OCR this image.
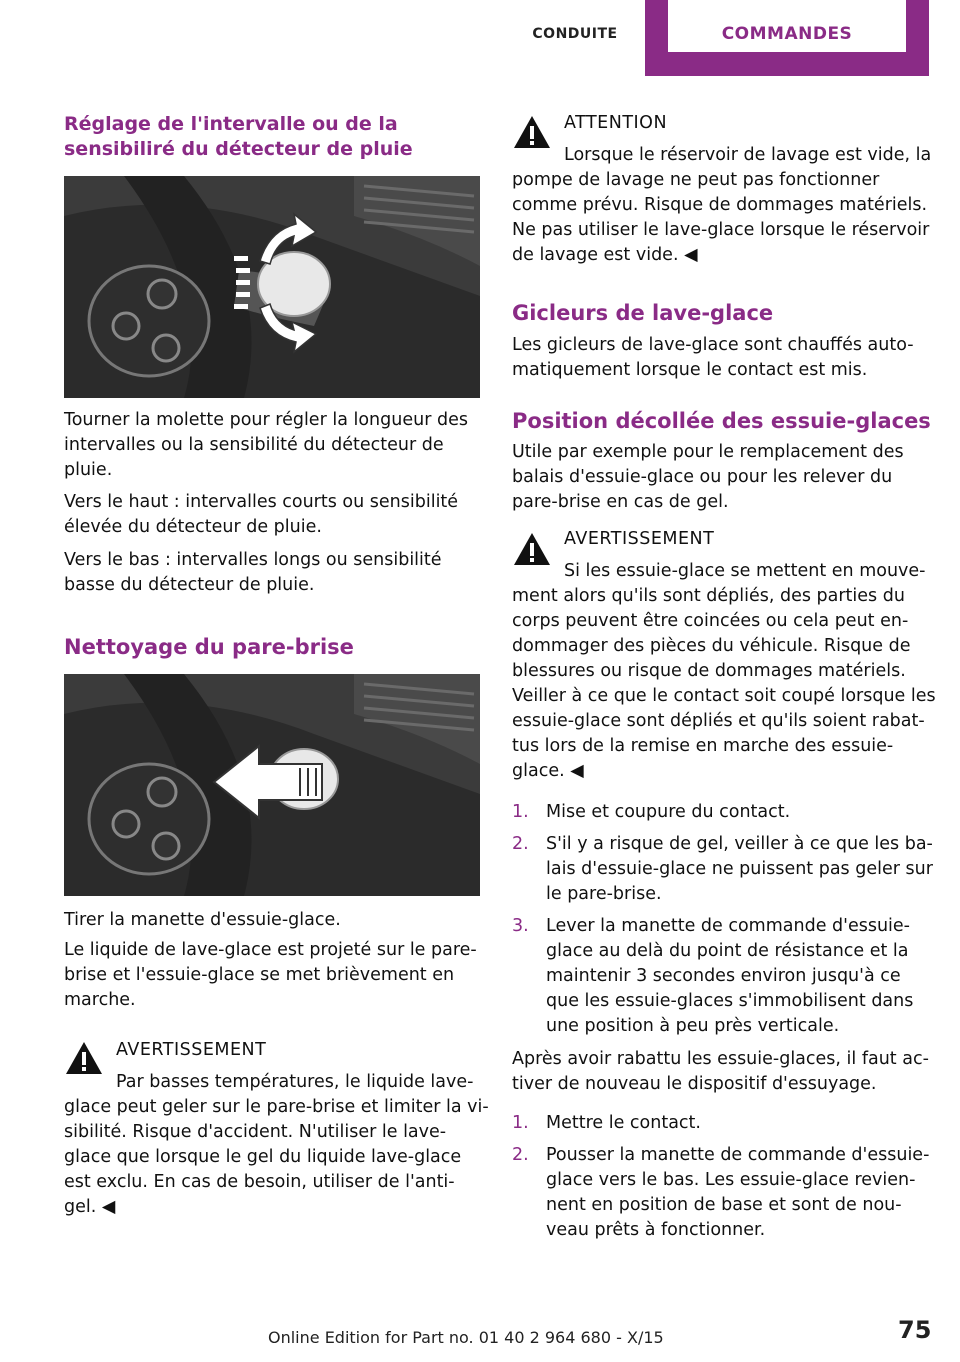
CONDUITE	COMMANDES
Réglage de l'intervalle ou de la
sensibiliré du détecteur de pluie
Tourner la molette pour régler la longueur des
intervalles ou la sensibilité du détecteur de
pluie.
Vers le haut : intervalles courts ou sensibilité
élevée du détecteur de pluie.
Vers le bas : intervalles longs ou sensibilité
basse du détecteur de pluie.
Nettoyage du pare-brise
Tirer la manette d'essuie-glace.
Le liquide de lave-glace est projeté sur le pare-
brise et l'essuie-glace se met brièvement en
marche.
AVERTISSEMENT
Par basses températures, le liquide lave-
glace peut geler sur le pare-brise et limiter la vi-
sibilité. Risque d'accident. N'utiliser le lave-
glace que lorsque le gel du liquide lave-glace
est exclu. En cas de besoin, utiliser de l'anti-
gel. ◀
ATTENTION
Lorsque le réservoir de lavage est vide, la
pompe de lavage ne peut pas fonctionner
comme prévu. Risque de dommages matériels.
Ne pas utiliser le lave-glace lorsque le réservoir
de lavage est vide. ◀
Gicleurs de lave-glace
Les gicleurs de lave-glace sont chauffés auto-
matiquement lorsque le contact est mis.
Position décollée des essuie-glaces
Utile par exemple pour le remplacement des
balais d'essuie-glace ou pour les relever du
pare-brise en cas de gel.
AVERTISSEMENT
Si les essuie-glace se mettent en mouve-
ment alors qu'ils sont dépliés, des parties du
corps peuvent être coincées ou cela peut en-
dommager des pièces du véhicule. Risque de
blessures ou risque de dommages matériels.
Veiller à ce que le contact soit coupé lorsque les
essuie-glace sont dépliés et qu'ils soient rabat-
tus lors de la remise en marche des essuie-
glace. ◀
1. Mise et coupure du contact.
2. S'il y a risque de gel, veiller à ce que les ba-
lais d'essuie-glace ne puissent pas geler sur
le pare-brise.
3. Lever la manette de commande d'essuie-
glace au delà du point de résistance et la
maintenir 3 secondes environ jusqu'à ce
que les essuie-glaces s'immobilisent dans
une position à peu près verticale.
Après avoir rabattu les essuie-glaces, il faut ac-
tiver de nouveau le dispositif d'essuyage.
1. Mettre le contact.
2. Pousser la manette de commande d'essuie-
glace vers le bas. Les essuie-glace revien-
nent en position de base et sont de nou-
veau prêts à fonctionner.
Online Edition for Part no. 01 40 2 964 680 - X/15	75
